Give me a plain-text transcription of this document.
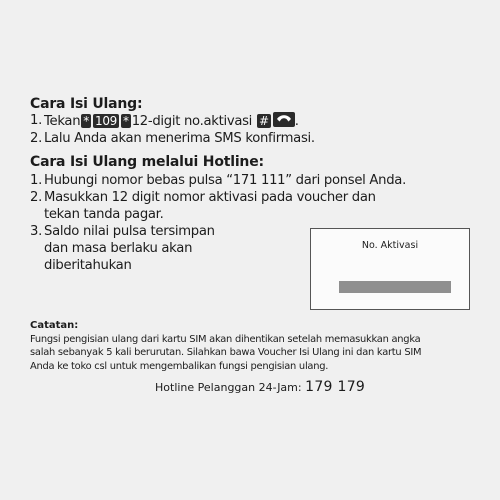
Cara Isi Ulang:
1. Tekan * 109 * 12-digit no.aktivasi # .
2. Lalu Anda akan menerima SMS konfirmasi.
Cara Isi Ulang melalui Hotline:
1. Hubungi nomor bebas pulsa “171 111” dari ponsel Anda.
2. Masukkan 12 digit nomor aktivasi pada voucher dan
tekan tanda pagar.
3. Saldo nilai pulsa tersimpan
dan masa berlaku akan
diberitahukan
No. Aktivasi
Catatan:
Fungsi pengisian ulang dari kartu SIM akan dihentikan setelah memasukkan angka
salah sebanyak 5 kali berurutan. Silahkan bawa Voucher Isi Ulang ini dan kartu SIM
Anda ke toko csl untuk mengembalikan fungsi pengisian ulang.
Hotline Pelanggan 24-Jam: 179 179
